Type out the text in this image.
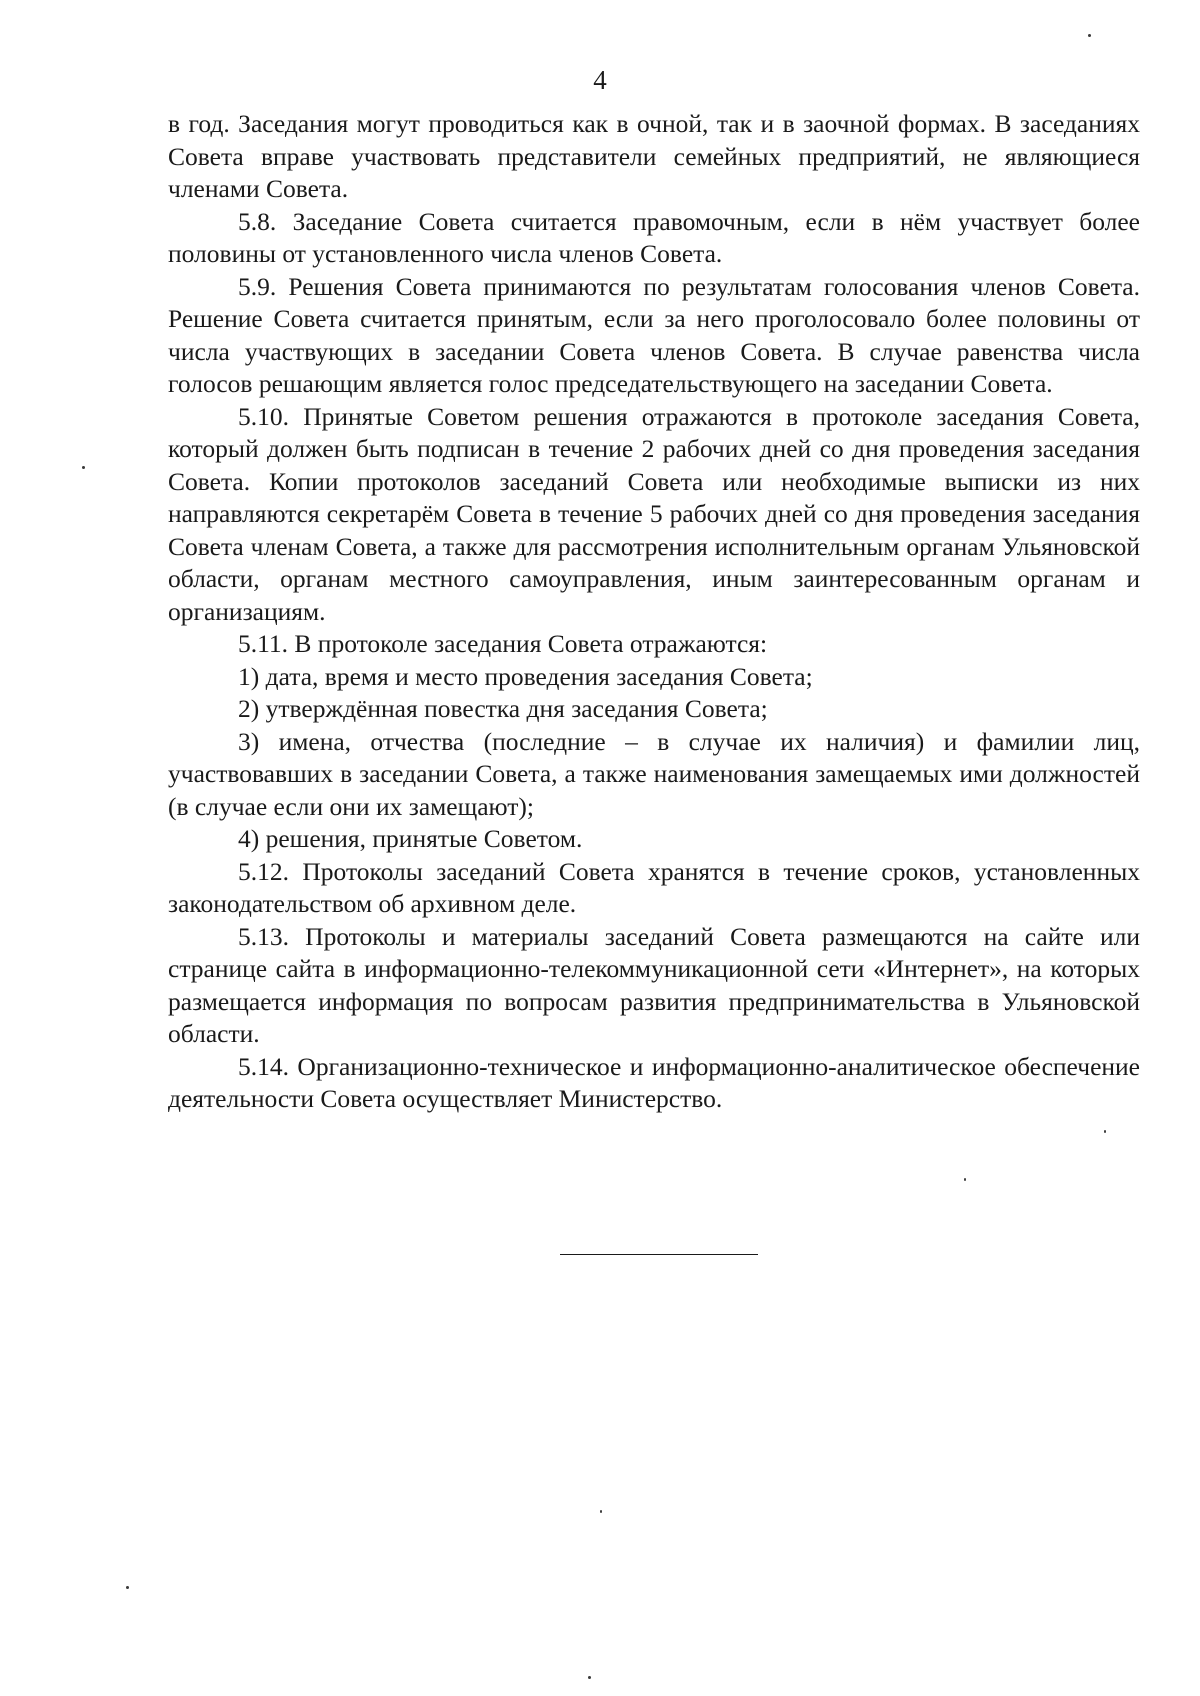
4

в год. Заседания могут проводиться как в очной, так и в заочной формах. В заседаниях Совета вправе участвовать представители семейных предприятий, не являющиеся членами Совета.

5.8. Заседание Совета считается правомочным, если в нём участвует более половины от установленного числа членов Совета.

5.9. Решения Совета принимаются по результатам голосования членов Совета. Решение Совета считается принятым, если за него проголосовало более половины от числа участвующих в заседании Совета членов Совета. В случае равенства числа голосов решающим является голос председательствующего на заседании Совета.

5.10. Принятые Советом решения отражаются в протоколе заседания Совета, который должен быть подписан в течение 2 рабочих дней со дня проведения заседания Совета. Копии протоколов заседаний Совета или необходимые выписки из них направляются секретарём Совета в течение 5 рабочих дней со дня проведения заседания Совета членам Совета, а также для рассмотрения исполнительным органам Ульяновской области, органам местного самоуправления, иным заинтересованным органам и организациям.

5.11. В протоколе заседания Совета отражаются:

1) дата, время и место проведения заседания Совета;

2) утверждённая повестка дня заседания Совета;

3) имена, отчества (последние – в случае их наличия) и фамилии лиц, участвовавших в заседании Совета, а также наименования замещаемых ими должностей (в случае если они их замещают);

4) решения, принятые Советом.

5.12. Протоколы заседаний Совета хранятся в течение сроков, установленных законодательством об архивном деле.

5.13. Протоколы и материалы заседаний Совета размещаются на сайте или странице сайта в информационно-телекоммуникационной сети «Интернет», на которых размещается информация по вопросам развития предпринимательства в Ульяновской области.

5.14. Организационно-техническое и информационно-аналитическое обеспечение деятельности Совета осуществляет Министерство.
